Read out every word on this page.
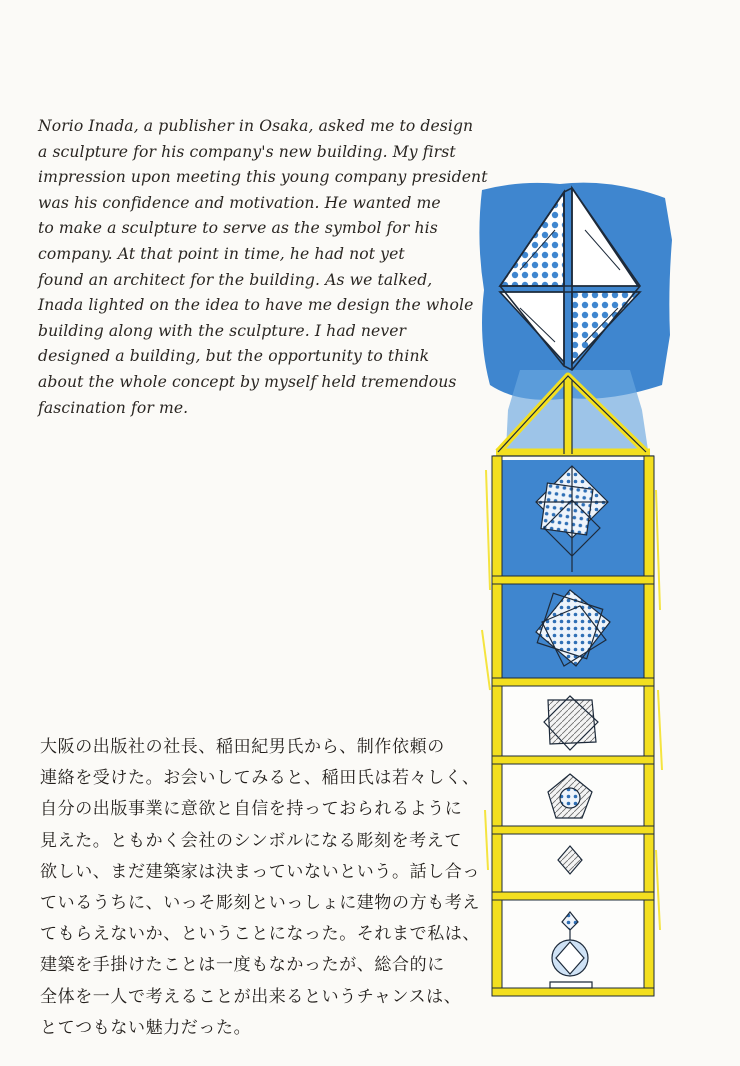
Norio Inada, a publisher in Osaka, asked me to design
a sculpture for his company's new building. My first
impression upon meeting this young company president
was his confidence and motivation. He wanted me
to make a sculpture to serve as the symbol for his
company. At that point in time, he had not yet
found an architect for the building. As we talked,
Inada lighted on the idea to have me design the whole
building along with the sculpture. I had never
designed a building, but the opportunity to think
about the whole concept by myself held tremendous
fascination for me.

大阪の出版社の社長、稲田紀男氏から、制作依頼の
連絡を受けた。お会いしてみると、稲田氏は若々しく、
自分の出版事業に意欲と自信を持っておられるように
見えた。ともかく会社のシンボルになる彫刻を考えて
欲しい、まだ建築家は決まっていないという。話し合っ
ているうちに、いっそ彫刻といっしょに建物の方も考え
てもらえないか、ということになった。それまで私は、
建築を手掛けたことは一度もなかったが、総合的に
全体を一人で考えることが出来るというチャンスは、
とてつもない魅力だった。
